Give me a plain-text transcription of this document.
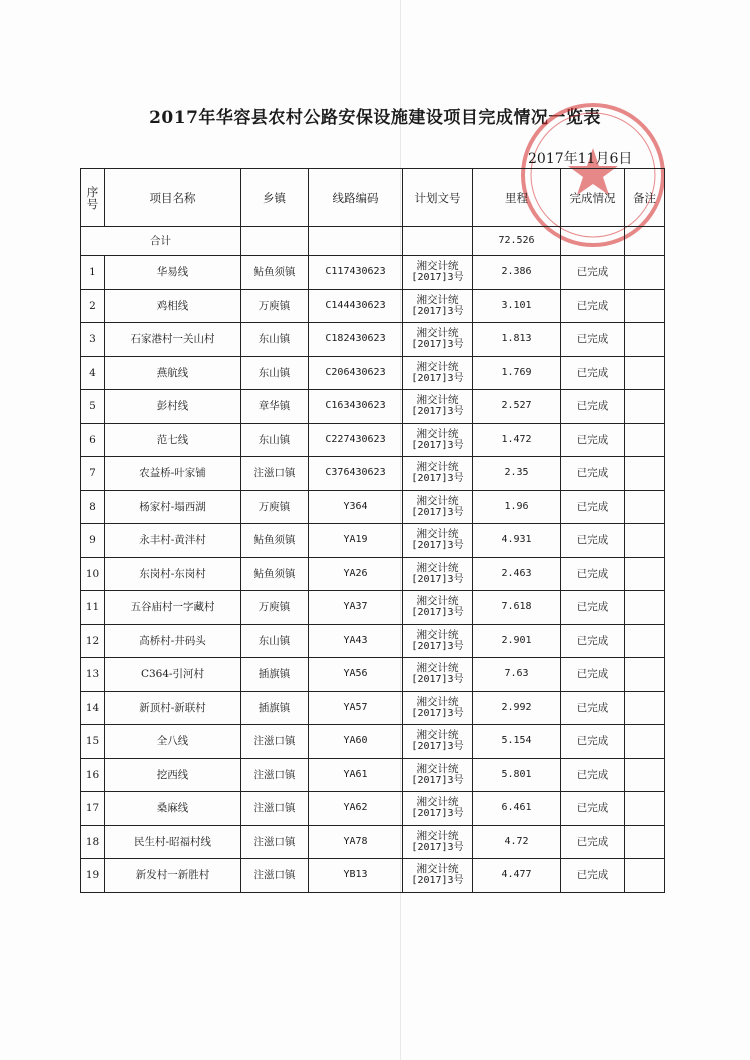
2017年华容县农村公路安保设施建设项目完成情况一览表
2017年11月6日
序
号	项目名称	乡镇	线路编码	计划文号	里程	完成情况	备注
合计					72.526		
1	华易线	鲇鱼须镇	C117430623	湘交计统
[2017]3号	2.386	已完成	
2	鸡相线	万庾镇	C144430623	湘交计统
[2017]3号	3.101	已完成	
3	石家港村一关山村	东山镇	C182430623	湘交计统
[2017]3号	1.813	已完成	
4	燕航线	东山镇	C206430623	湘交计统
[2017]3号	1.769	已完成	
5	彭村线	章华镇	C163430623	湘交计统
[2017]3号	2.527	已完成	
6	范七线	东山镇	C227430623	湘交计统
[2017]3号	1.472	已完成	
7	农益桥-叶家铺	注滋口镇	C376430623	湘交计统
[2017]3号	2.35	已完成	
8	杨家村-塌西湖	万庾镇	Y364	湘交计统
[2017]3号	1.96	已完成	
9	永丰村-黄泮村	鲇鱼须镇	YA19	湘交计统
[2017]3号	4.931	已完成	
10	东岗村-东岗村	鲇鱼须镇	YA26	湘交计统
[2017]3号	2.463	已完成	
11	五谷庙村一字藏村	万庾镇	YA37	湘交计统
[2017]3号	7.618	已完成	
12	高桥村-井码头	东山镇	YA43	湘交计统
[2017]3号	2.901	已完成	
13	C364-引河村	插旗镇	YA56	湘交计统
[2017]3号	7.63	已完成	
14	新顶村-新联村	插旗镇	YA57	湘交计统
[2017]3号	2.992	已完成	
15	全八线	注滋口镇	YA60	湘交计统
[2017]3号	5.154	已完成	
16	挖西线	注滋口镇	YA61	湘交计统
[2017]3号	5.801	已完成	
17	桑麻线	注滋口镇	YA62	湘交计统
[2017]3号	6.461	已完成	
18	民生村-昭福村线	注滋口镇	YA78	湘交计统
[2017]3号	4.72	已完成	
19	新发村一新胜村	注滋口镇	YB13	湘交计统
[2017]3号	4.477	已完成	
